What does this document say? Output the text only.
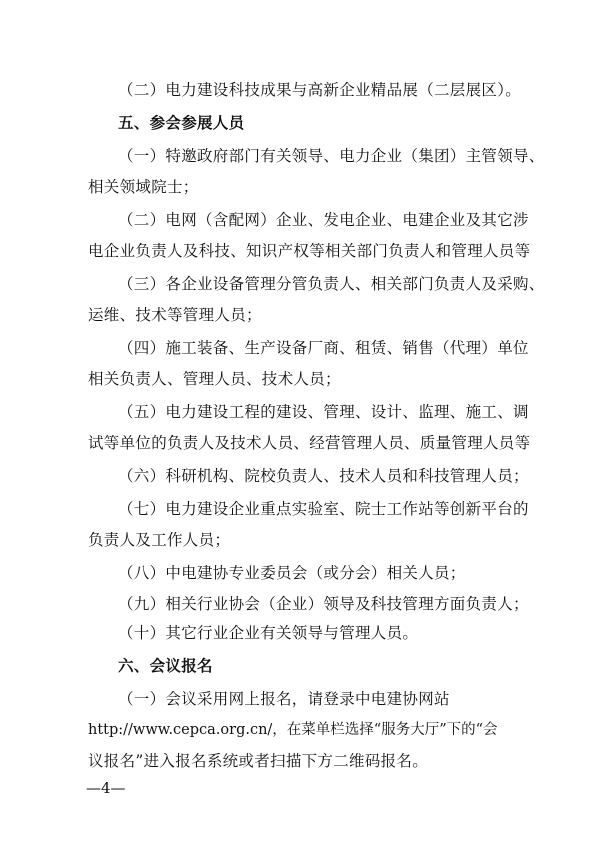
（二）电力建设科技成果与高新企业精品展（二层展区）。
五、参会参展人员
（一）特邀政府部门有关领导、电力企业（集团）主管领导、
相关领域院士；
（二）电网（含配网）企业、发电企业、电建企业及其它涉
电企业负责人及科技、知识产权等相关部门负责人和管理人员等
（三）各企业设备管理分管负责人、相关部门负责人及采购、
运维、技术等管理人员；
（四）施工装备、生产设备厂商、租赁、销售（代理）单位
相关负责人、管理人员、技术人员；
（五）电力建设工程的建设、管理、设计、监理、施工、调
试等单位的负责人及技术人员、经营管理人员、质量管理人员等
（六）科研机构、院校负责人、技术人员和科技管理人员；
（七）电力建设企业重点实验室、院士工作站等创新平台的
负责人及工作人员；
（八）中电建协专业委员会（或分会）相关人员；
（九）相关行业协会（企业）领导及科技管理方面负责人；
（十）其它行业企业有关领导与管理人员。
六、会议报名
（一）会议采用网上报名，请登录中电建协网站
http://www.cepca.org.cn/，在菜单栏选择“服务大厅”下的“会
议报名”进入报名系统或者扫描下方二维码报名。
—4—
